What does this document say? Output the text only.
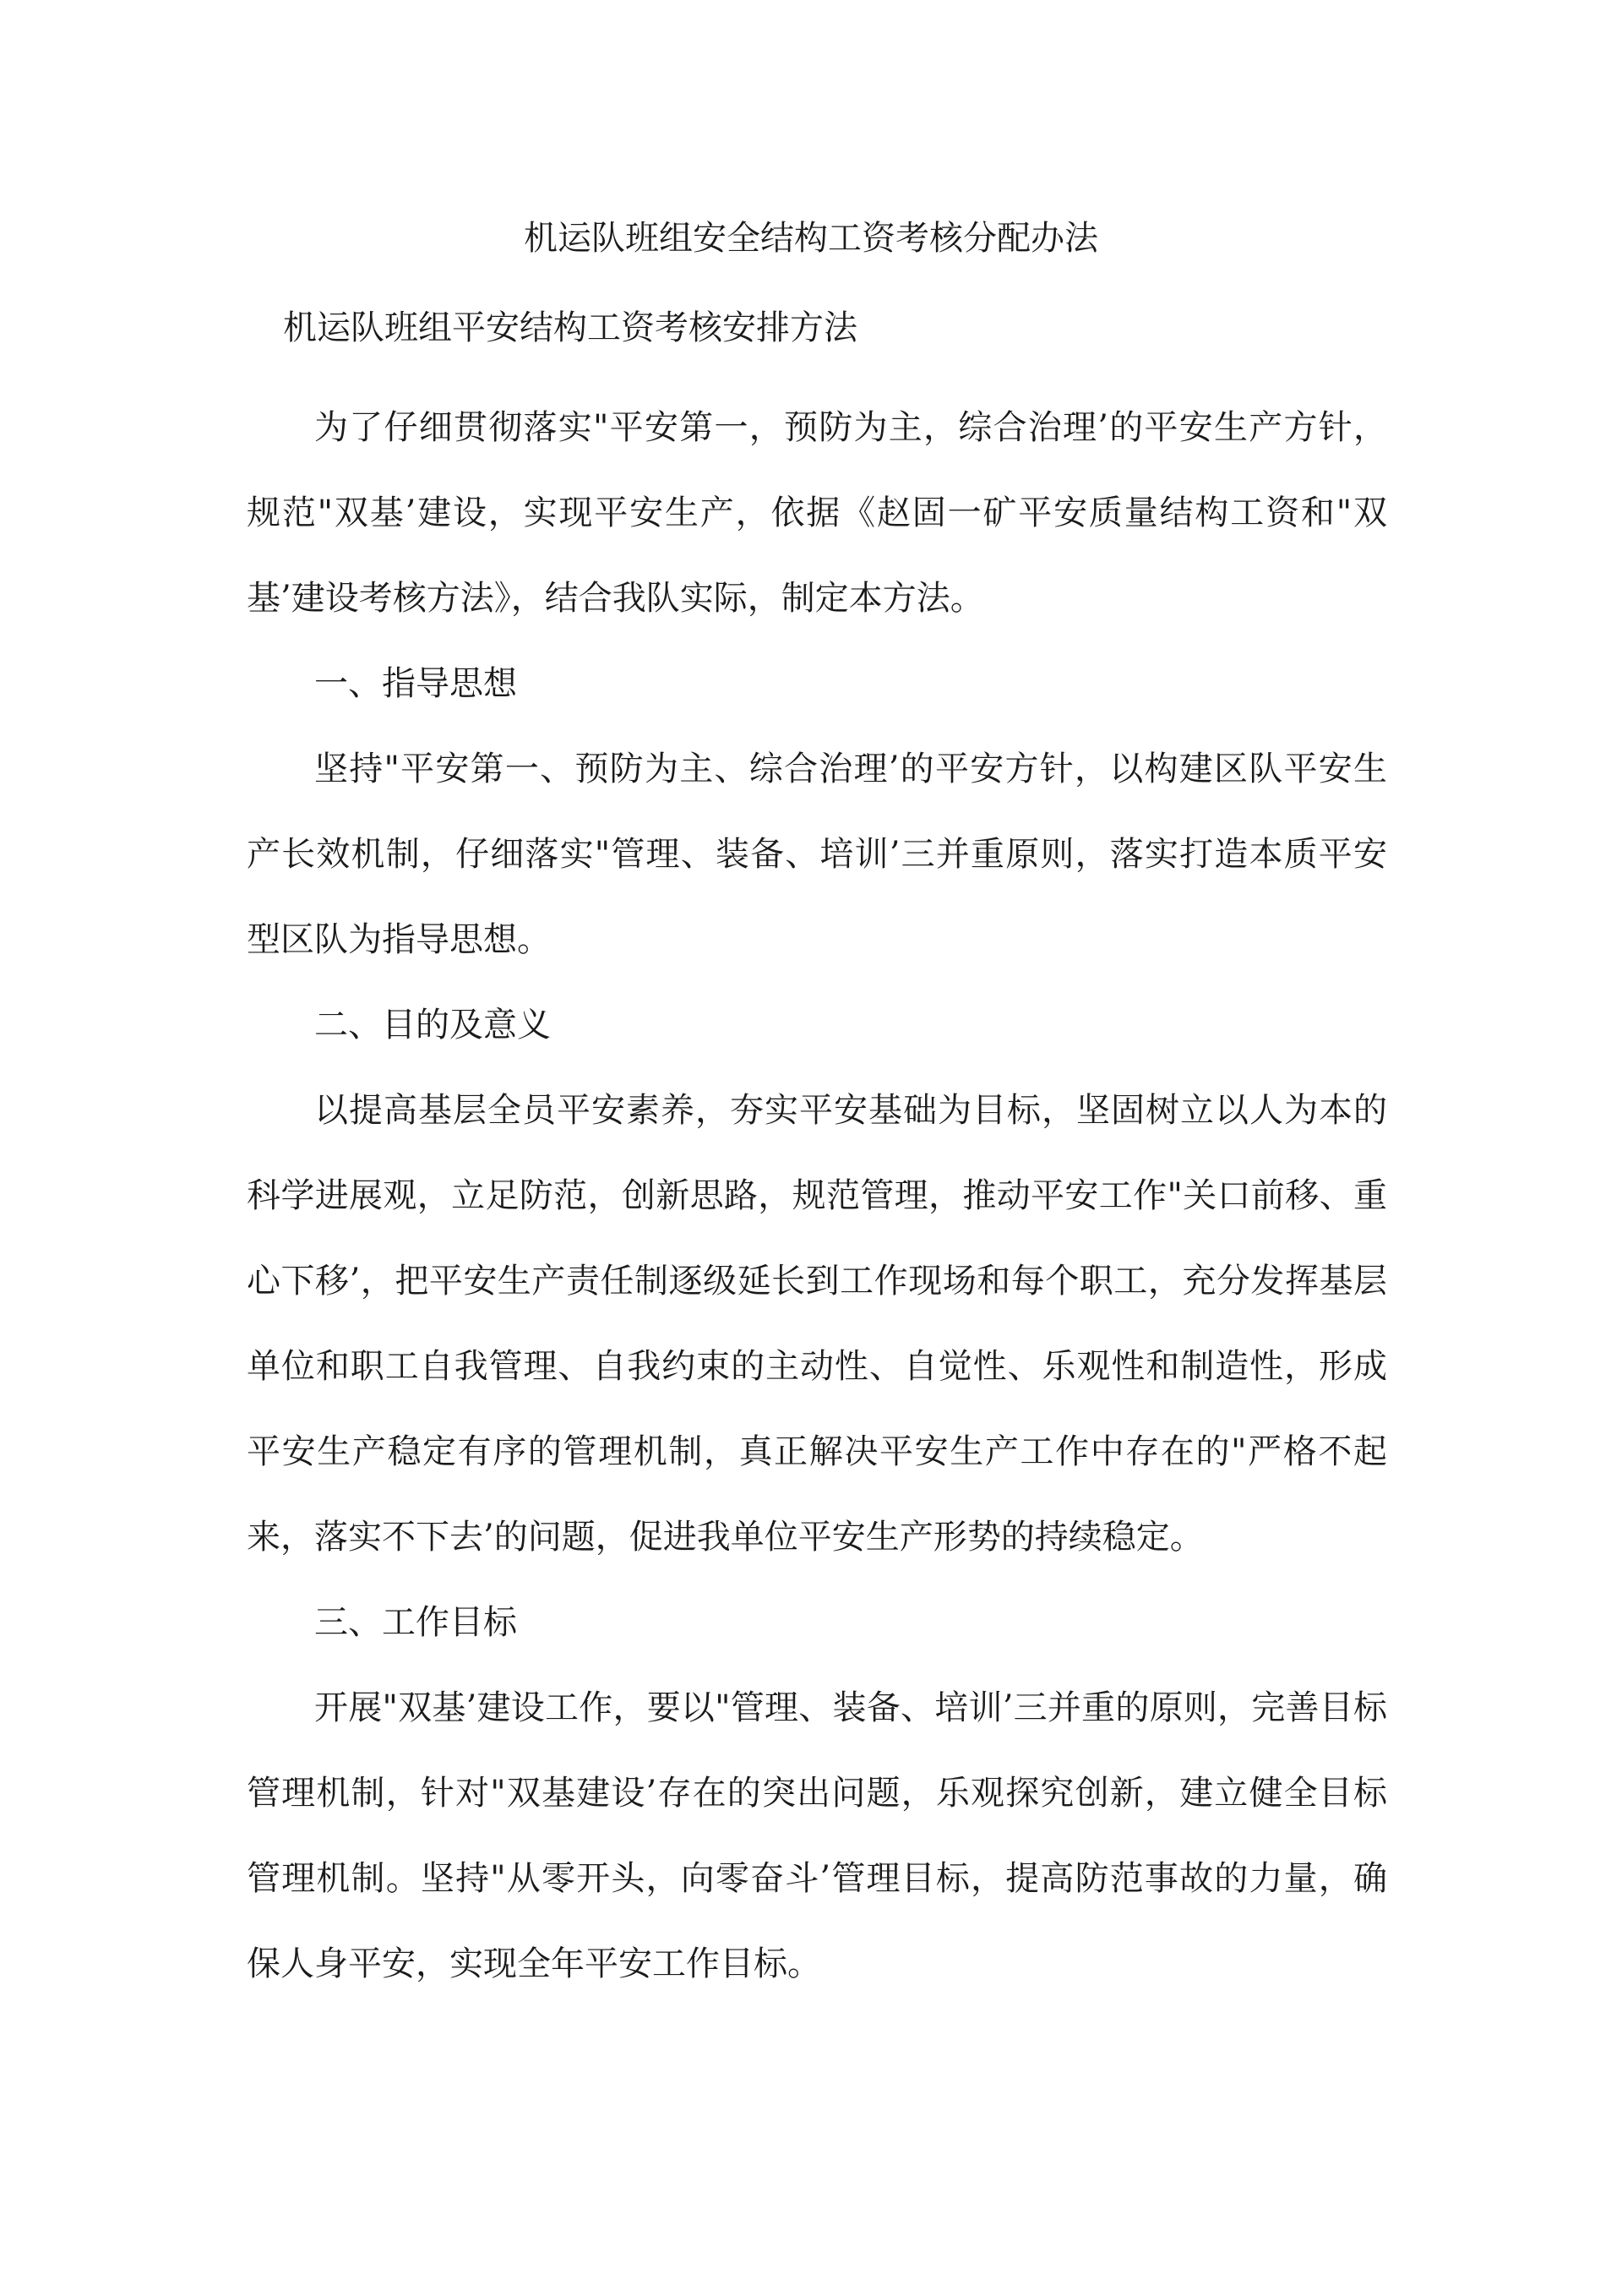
机运队班组安全结构工资考核分配办法
机运队班组平安结构工资考核安排方法

为了仔细贯彻落实"平安第一，预防为主，综合治理’的平安生产方针，规范"双基’建设，实现平安生产，依据《赵固一矿平安质量结构工资和"双基’建设考核方法》，结合我队实际，制定本方法。

一、指导思想

坚持"平安第一、预防为主、综合治理’的平安方针，以构建区队平安生产长效机制，仔细落实"管理、装备、培训’三并重原则，落实打造本质平安型区队为指导思想。

二、目的及意义

以提高基层全员平安素养，夯实平安基础为目标，坚固树立以人为本的科学进展观，立足防范，创新思路，规范管理，推动平安工作"关口前移、重心下移’，把平安生产责任制逐级延长到工作现场和每个职工，充分发挥基层单位和职工自我管理、自我约束的主动性、自觉性、乐观性和制造性，形成平安生产稳定有序的管理机制，真正解决平安生产工作中存在的"严格不起来，落实不下去’的问题，促进我单位平安生产形势的持续稳定。

三、工作目标

开展"双基’建设工作，要以"管理、装备、培训’三并重的原则，完善目标管理机制，针对"双基建设’存在的突出问题，乐观探究创新，建立健全目标管理机制。坚持"从零开头，向零奋斗’管理目标，提高防范事故的力量，确保人身平安，实现全年平安工作目标。
